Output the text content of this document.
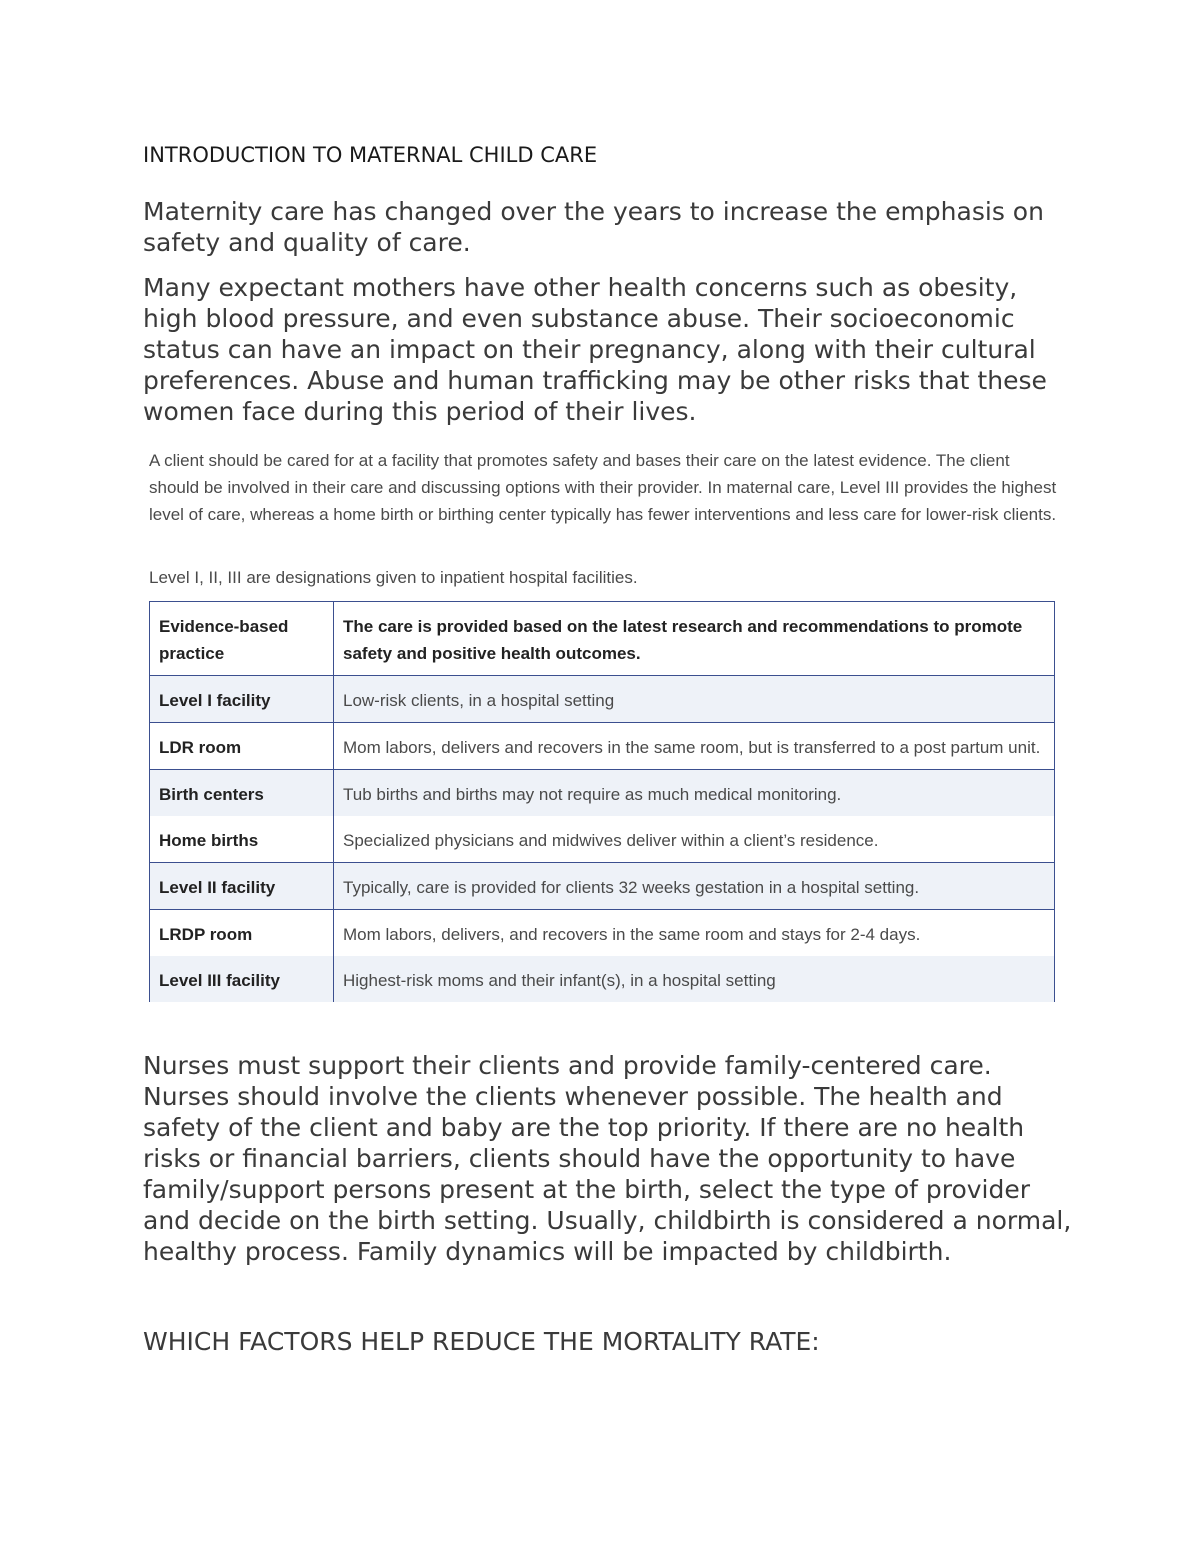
INTRODUCTION TO MATERNAL CHILD CARE

Maternity care has changed over the years to increase the emphasis on safety and quality of care.

Many expectant mothers have other health concerns such as obesity, high blood pressure, and even substance abuse. Their socioeconomic status can have an impact on their pregnancy, along with their cultural preferences. Abuse and human trafficking may be other risks that these women face during this period of their lives.

A client should be cared for at a facility that promotes safety and bases their care on the latest evidence. The client should be involved in their care and discussing options with their provider. In maternal care, Level III provides the highest level of care, whereas a home birth or birthing center typically has fewer interventions and less care for lower-risk clients.

Level I, II, III are designations given to inpatient hospital facilities.

Evidence-based practice	The care is provided based on the latest research and recommendations to promote safety and positive health outcomes.
Level I facility	Low-risk clients, in a hospital setting
LDR room	Mom labors, delivers and recovers in the same room, but is transferred to a post partum unit.
Birth centers	Tub births and births may not require as much medical monitoring.
Home births	Specialized physicians and midwives deliver within a client’s residence.
Level II facility	Typically, care is provided for clients 32 weeks gestation in a hospital setting.
LRDP room	Mom labors, delivers, and recovers in the same room and stays for 2-4 days.
Level III facility	Highest-risk moms and their infant(s), in a hospital setting

Nurses must support their clients and provide family-centered care. Nurses should involve the clients whenever possible. The health and safety of the client and baby are the top priority. If there are no health risks or financial barriers, clients should have the opportunity to have family/support persons present at the birth, select the type of provider and decide on the birth setting. Usually, childbirth is considered a normal, healthy process. Family dynamics will be impacted by childbirth.

WHICH FACTORS HELP REDUCE THE MORTALITY RATE:
